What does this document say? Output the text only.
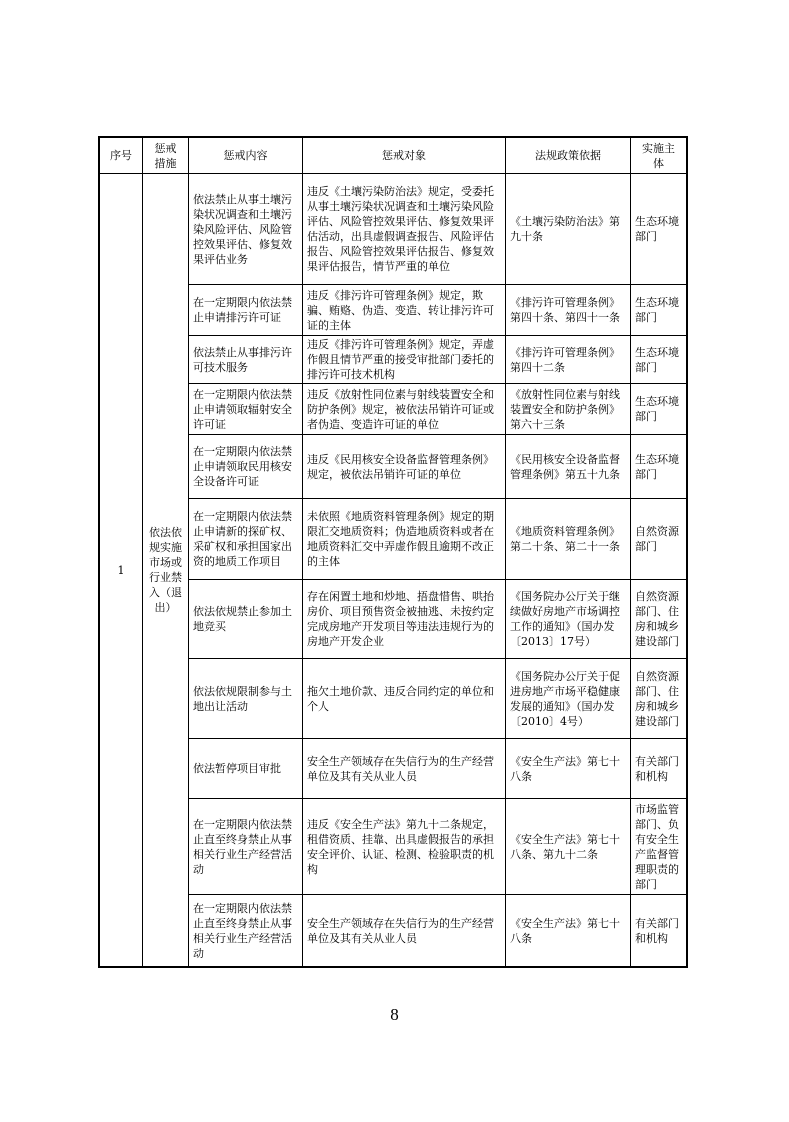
序号	惩戒措施	惩戒内容	惩戒对象	法规政策依据	实施主体
1	依法依规实施市场或行业禁入（退出）	依法禁止从事土壤污染状况调查和土壤污染风险评估、风险管控效果评估、修复效果评估业务	违反《土壤污染防治法》规定，受委托从事土壤污染状况调查和土壤污染风险评估、风险管控效果评估、修复效果评估活动，出具虚假调查报告、风险评估报告、风险管控效果评估报告、修复效果评估报告，情节严重的单位	《土壤污染防治法》第九十条	生态环境部门
		在一定期限内依法禁止申请排污许可证	违反《排污许可管理条例》规定，欺骗、贿赂、伪造、变造、转让排污许可证的主体	《排污许可管理条例》第四十条、第四十一条	生态环境部门
		依法禁止从事排污许可技术服务	违反《排污许可管理条例》规定，弄虚作假且情节严重的接受审批部门委托的排污许可技术机构	《排污许可管理条例》第四十二条	生态环境部门
		在一定期限内依法禁止申请领取辐射安全许可证	违反《放射性同位素与射线装置安全和防护条例》规定，被依法吊销许可证或者伪造、变造许可证的单位	《放射性同位素与射线装置安全和防护条例》第六十三条	生态环境部门
		在一定期限内依法禁止申请领取民用核安全设备许可证	违反《民用核安全设备监督管理条例》规定，被依法吊销许可证的单位	《民用核安全设备监督管理条例》第五十九条	生态环境部门
		在一定期限内依法禁止申请新的探矿权、采矿权和承担国家出资的地质工作项目	未依照《地质资料管理条例》规定的期限汇交地质资料；伪造地质资料或者在地质资料汇交中弄虚作假且逾期不改正的主体	《地质资料管理条例》第二十条、第二十一条	自然资源部门
		依法依规禁止参加土地竞买	存在闲置土地和炒地、捂盘惜售、哄抬房价、项目预售资金被抽逃、未按约定完成房地产开发项目等违法违规行为的房地产开发企业	《国务院办公厅关于继续做好房地产市场调控工作的通知》（国办发〔2013〕17号）	自然资源部门、住房和城乡建设部门
		依法依规限制参与土地出让活动	拖欠土地价款、违反合同约定的单位和个人	《国务院办公厅关于促进房地产市场平稳健康发展的通知》（国办发〔2010〕4号）	自然资源部门、住房和城乡建设部门
		依法暂停项目审批	安全生产领域存在失信行为的生产经营单位及其有关从业人员	《安全生产法》第七十八条	有关部门和机构
		在一定期限内依法禁止直至终身禁止从事相关行业生产经营活动	违反《安全生产法》第九十二条规定，租借资质、挂靠、出具虚假报告的承担安全评价、认证、检测、检验职责的机构	《安全生产法》第七十八条、第九十二条	市场监管部门、负有安全生产监督管理职责的部门
		在一定期限内依法禁止直至终身禁止从事相关行业生产经营活动	安全生产领域存在失信行为的生产经营单位及其有关从业人员	《安全生产法》第七十八条	有关部门和机构
8
